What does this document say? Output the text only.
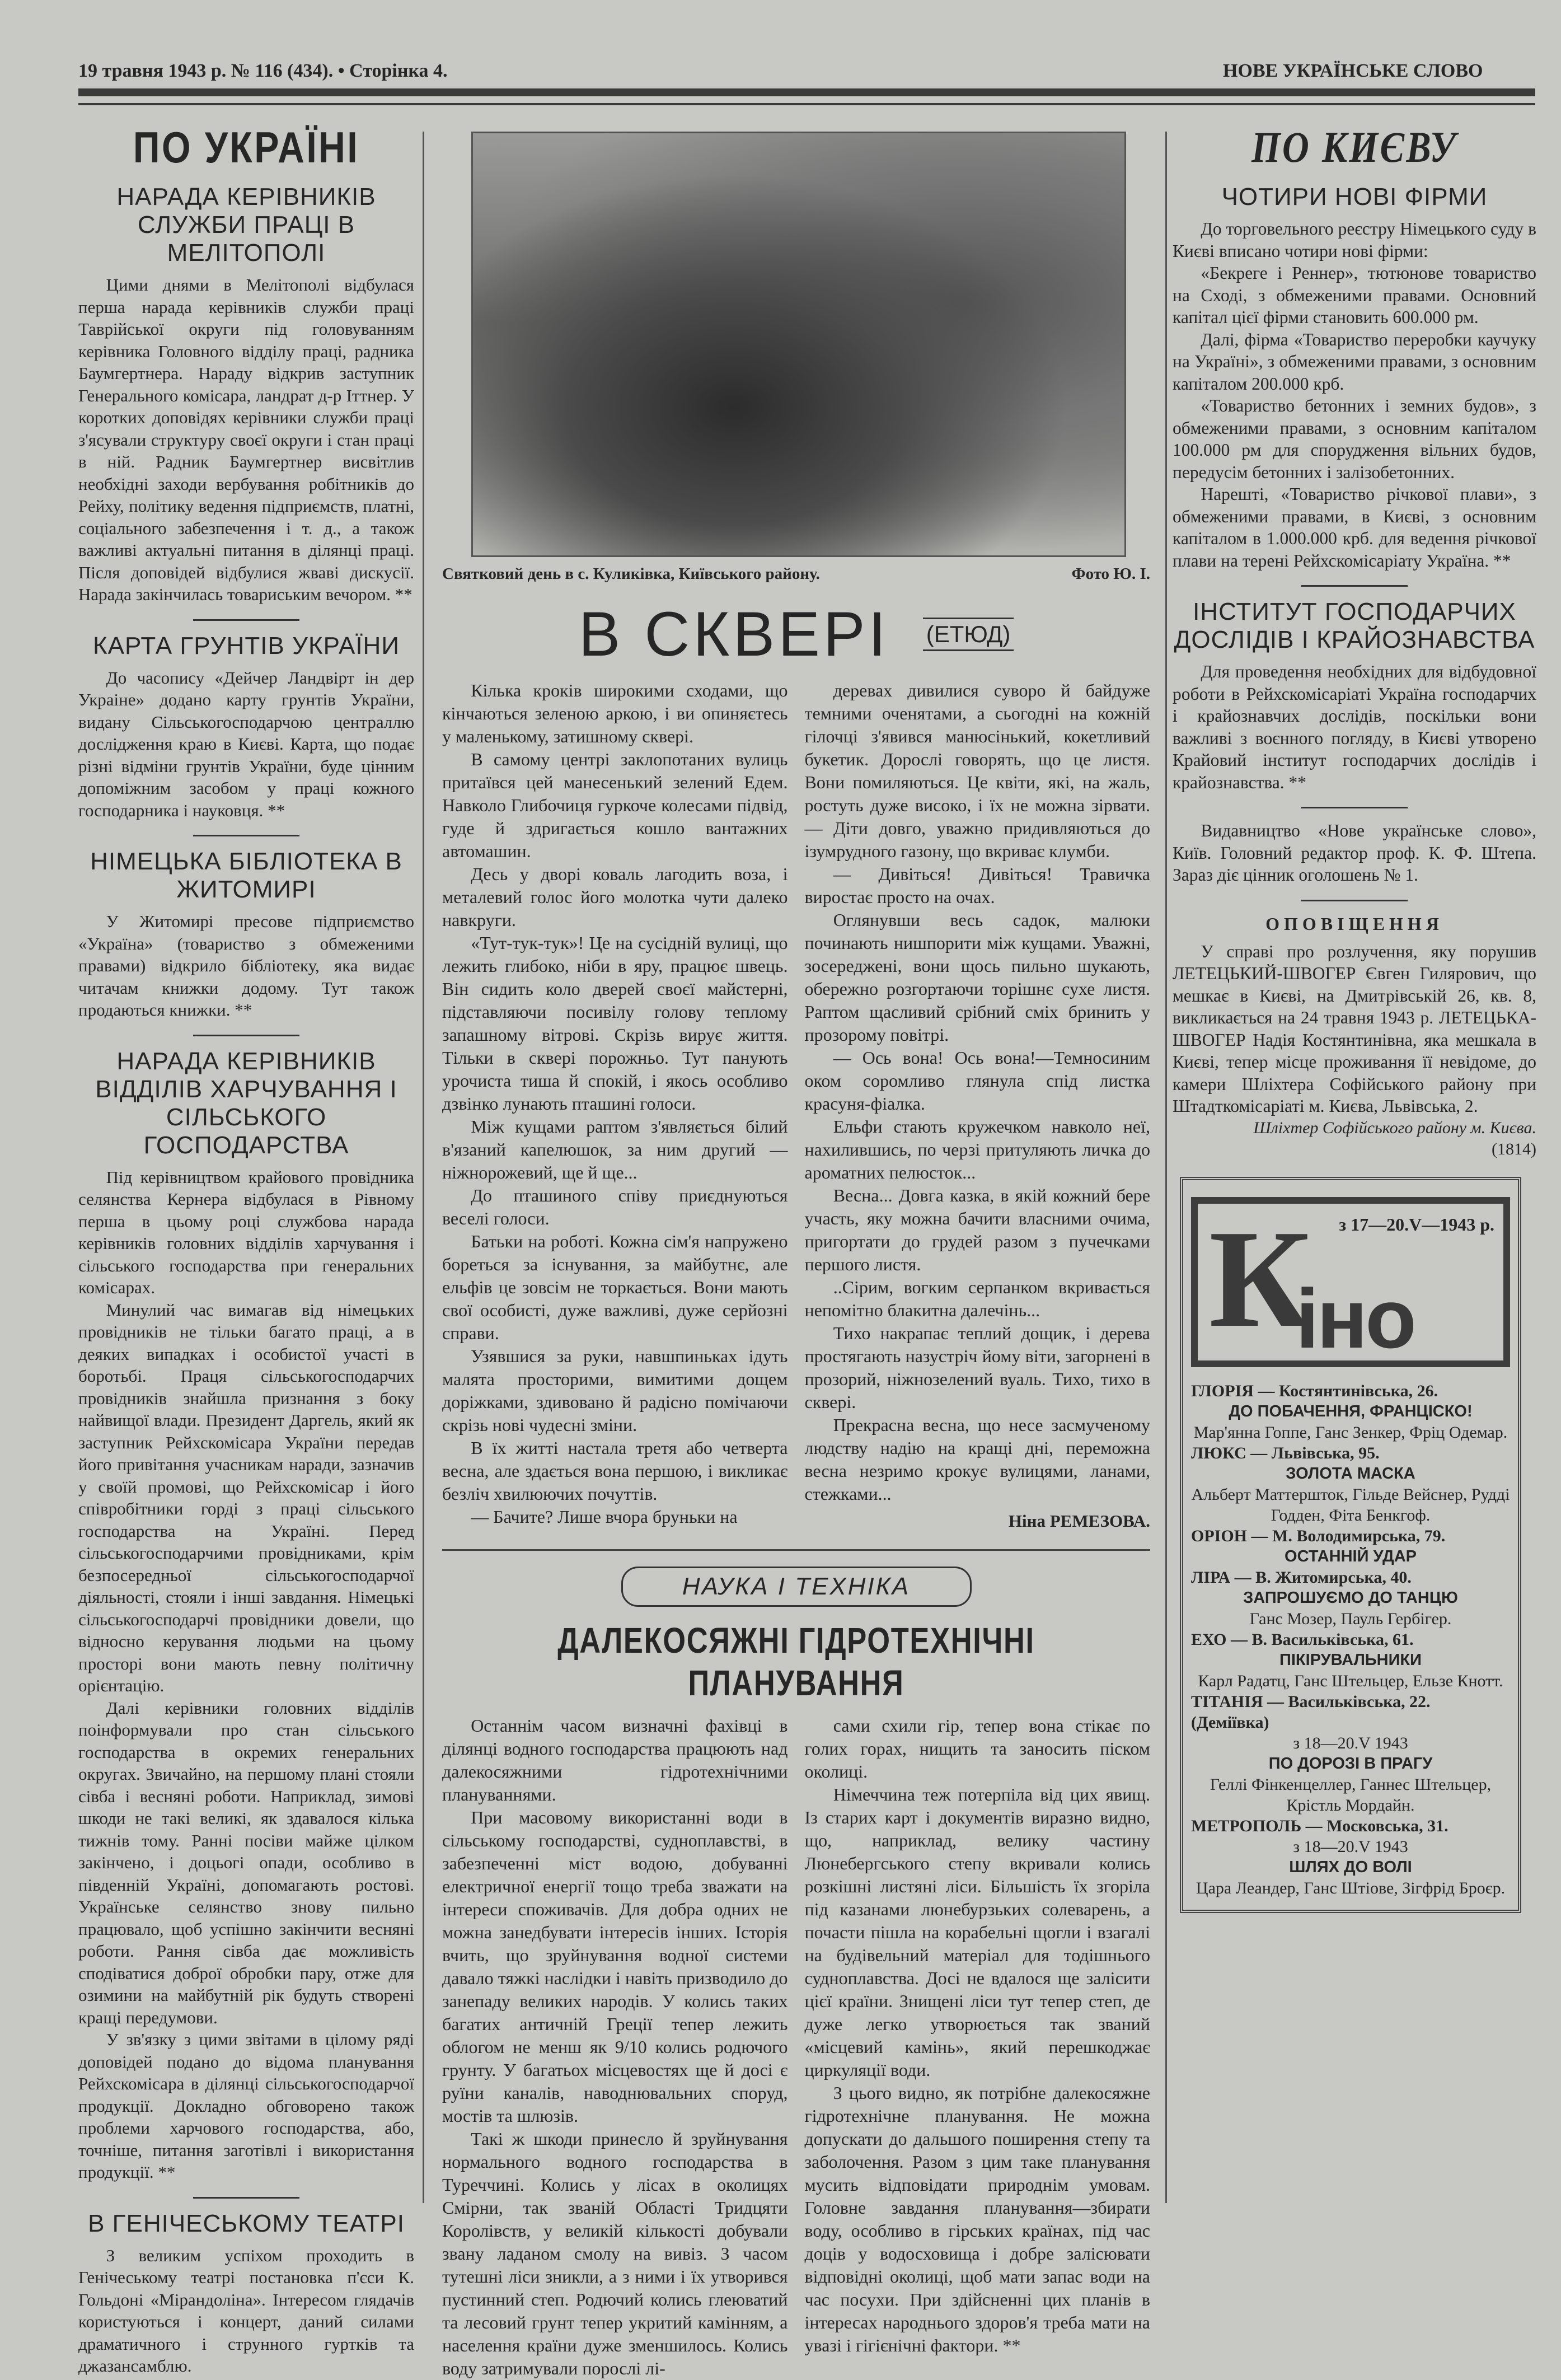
19 травня 1943 р. № 116 (434). • Сторінка 4.	НОВЕ УКРАЇНСЬКЕ СЛОВО
ПО УКРАЇНІ
НАРАДА КЕРІВНИКІВ СЛУЖБИ ПРАЦІ В МЕЛІТОПОЛІ

Цими днями в Мелітополі відбулася перша нарада керівників служби праці Таврійської округи під головуванням керівника Головного відділу праці, радника Баумгертнера. Нараду відкрив заступник Генерального комісара, ландрат д-р Іттнер. У коротких доповідях керівники служби праці з'ясували структуру своєї округи і стан праці в ній. Радник Баумгертнер висвітлив необхідні заходи вербування робітників до Рейху, політику ведення підприємств, платні, соціального забезпечення і т. д., а також важливі актуальні питання в ділянці праці. Після доповідей відбулися жваві дискусії. Нарада закінчилась товариським вечором. **

КАРТА ГРУНТІВ УКРАЇНИ

До часопису «Дейчер Ландвірт ін дер Украіне» додано карту грунтів України, видану Сільськогосподарчою централлю дослідження краю в Києві. Карта, що подає різні відміни грунтів України, буде цінним допоміжним засобом у праці кожного господарника і науковця. **

НІМЕЦЬКА БІБЛІОТЕКА В ЖИТОМИРІ

У Житомирі пресове підприємство «Україна» (товариство з обмеженими правами) відкрило бібліотеку, яка видає читачам книжки додому. Тут також продаються книжки. **

НАРАДА КЕРІВНИКІВ ВІДДІЛІВ ХАРЧУВАННЯ І СІЛЬСЬКОГО ГОСПОДАРСТВА

Під керівництвом крайового провідника селянства Кернера відбулася в Рівному перша в цьому році службова нарада керівників головних відділів харчування і сільського господарства при генеральних комісарах.

Минулий час вимагав від німецьких провідників не тільки багато праці, а в деяких випадках і особистої участі в боротьбі. Праця сільськогосподарчих провідників знайшла признання з боку найвищої влади. Президент Даргель, який як заступник Рейхскомісара України передав його привітання учасникам наради, зазначив у своїй промові, що Рейхскомісар і його співробітники горді з праці сільського господарства на Україні. Перед сільськогосподарчими провідниками, крім безпосередньої сільськогосподарчої діяльності, стояли і інші завдання. Німецькі сільськогосподарчі провідники довели, що відносно керування людьми на цьому просторі вони мають певну політичну орієнтацію.

Далі керівники головних відділів поінформували про стан сільського господарства в окремих генеральних округах. Звичайно, на першому плані стояли сівба і весняні роботи. Наприклад, зимові шкоди не такі великі, як здавалося кілька тижнів тому. Ранні посіви майже цілком закінчено, і доцьогі опади, особливо в південній Україні, допомагають ростові. Українське селянство знову пильно працювало, щоб успішно закінчити весняні роботи. Рання сівба дає можливість сподіватися доброї обробки пару, отже для озимини на майбутній рік будуть створені кращі передумови.

У зв'язку з цими звітами в цілому ряді доповідей подано до відома планування Рейхскомісара в ділянці сільськогосподарчої продукції. Докладно обговорено також проблеми харчового господарства, або, точніше, питання заготівлі і використання продукції. **

В ГЕНІЧЕСЬКОМУ ТЕАТРІ

З великим успіхом проходить в Генічеському театрі постановка п'єси К. Гольдоні «Мірандоліна». Інтересом глядачів користуються і концерт, даний силами драматичного і струнного гуртків та джазансамблю.

Святковий день в с. Куликівка, Київського району.	Фото Ю. І.
В СКВЕРІ (ЕТЮД)

Кілька кроків широкими сходами, що кінчаються зеленою аркою, і ви опиняєтесь у маленькому, затишному скверi.

В самому центрі заклопотаних вулиць притаївся цей манесенький зелений Едем. Навколо Глибочиця гуркоче колесами підвід, гуде й здригається кошло вантажних автомашин.

Десь у дворі коваль лагодить воза, і металевий голос його молотка чути далеко навкруги.

«Тут-тук-тук»! Це на сусідній вулиці, що лежить глибоко, ніби в яру, працює швець. Він сидить коло дверей своєї майстерні, підставляючи посивілу голову теплому запашному вітрові. Скрізь вирує життя. Тільки в сквері порожньо. Тут панують урочиста тиша й спокій, і якось особливо дзвінко лунають пташині голоси.

Між кущами раптом з'являється білий в'язаний капелюшок, за ним другий — ніжнорожевий, ще й ще...

До пташиного співу приєднуються веселі голоси.

Батьки на роботі. Кожна сім'я напружено бореться за існування, за майбутнє, але ельфів це зовсім не торкається. Вони мають свої особисті, дуже важливі, дуже серйозні справи.

Узявшися за руки, навшпиньках ідуть малята просторими, вимитими дощем доріжками, здивовано й радісно помічаючи скрізь нові чудесні зміни.

В їх житті настала третя або четверта весна, але здається вона першою, і викликає безліч хвилюючих почуттів.

— Бачите? Лише вчора бруньки на

деревах дивилися суворо й байдуже темними оченятами, а сьогодні на кожній гілочці з'явився манюсінький, кокетливий букетик. Дорослі говорять, що це листя. Вони помиляються. Це квіти, які, на жаль, ростуть дуже високо, і їх не можна зірвати. — Діти довго, уважно придивляються до ізумрудного газону, що вкриває клумби.

— Дивіться! Дивіться! Травичка виростає просто на очах.

Оглянувши весь садок, малюки починають нишпорити між кущами. Уважні, зосереджені, вони щось пильно шукають, обережно розгортаючи торішнє сухе листя. Раптом щасливий срібний сміх бринить у прозорому повітрі.

— Ось вона! Ось вона!—Темносиним оком соромливо глянула спід листка красуня-фіалка.

Ельфи стають кружечком навколо неї, нахилившись, по черзі притуляють личка до ароматних пелюсток...

Весна... Довга казка, в якій кожний бере участь, яку можна бачити власними очима, пригортати до грудей разом з пучечками першого листя.

..Сірим, вогким серпанком вкривається непомітно блакитна далечінь...

Тихо накрапає теплий дощик, і дерева простягають назустріч йому віти, загорнені в прозорий, ніжнозелений вуаль. Тихо, тихо в сквері.

Прекрасна весна, що несе засмученому людству надію на кращі дні, переможна весна незримо крокує вулицями, ланами, стежками...

Ніна РЕМЕЗОВА.
НАУКА І ТЕХНІКА
ДАЛЕКОСЯЖНІ ГІДРОТЕХНІЧНІ ПЛАНУВАННЯ

Останнім часом визначні фахівці в ділянці водного господарства працюють над далекосяжними гідротехнічними плануваннями.

При масовому використанні води в сільському господарстві, судноплавстві, в забезпеченні міст водою, добуванні електричної енергії тощо треба зважати на інтереси споживачів. Для добра одних не можна занедбувати інтересів інших. Історія вчить, що зруйнування водної системи давало тяжкі наслідки і навіть призводило до занепаду великих народів. У колись таких багатих античній Греції тепер лежить облогом не менш як 9/10 колись родючого грунту. У багатьох місцевостях ще й досі є руїни каналів, наводнювальних споруд, мостів та шлюзів.

Такі ж шкоди принесло й зруйнування нормального водного господарства в Туреччині. Колись у лісах в околицях Смірни, так званій Області Тридцяти Королівств, у великій кількості добували звану ладаном смолу на вивіз. З часом тутешні ліси зникли, а з ними і їх утворився пустинний степ. Родючий колись глеюватий та лесовий грунт тепер укритий камінням, а населення країни дуже зменшилось. Колись воду затримували порослі лі-

сами схили гір, тепер вона стікає по голих горах, нищить та заносить піском околиці.

Німеччина теж потерпіла від цих явищ. Із старих карт і документів виразно видно, що, наприклад, велику частину Люнебергського степу вкривали колись розкішні листяні ліси. Більшість їх згоріла під казанами люнебурзьких солеварень, а почасти пішла на корабельні щогли і взагалі на будівельний матеріал для тодішнього судноплавства. Досі не вдалося ще залісити цієї країни. Знищені ліси тут тепер степ, де дуже легко утворюється так званий «місцевий камінь», який перешкоджає циркуляції води.

З цього видно, як потрібне далекосяжне гідротехнічне планування. Не можна допускати до дальшого поширення степу та заболочення. Разом з цим таке планування мусить відповідати природнім умовам. Головне завдання планування—збирати воду, особливо в гірських країнах, під час доців у водосховища і добре залісювати відповідні околиці, щоб мати запас води на час посухи. При здійсненні цих планів в інтересах народнього здоров'я треба мати на увазі і гігієнічні фактори. **

ПО КИЄВУ
ЧОТИРИ НОВІ ФІРМИ

До торговельного реєстру Німецького суду в Києві вписано чотири нові фірми:

«Бекреге і Реннер», тютюнове товариство на Сході, з обмеженими правами. Основний капітал цієї фірми становить 600.000 рм.

Далі, фірма «Товариство переробки каучуку на Україні», з обмеженими правами, з основним капіталом 200.000 крб.

«Товариство бетонних і земних будов», з обмеженими правами, з основним капіталом 100.000 рм для спорудження вільних будов, передусім бетонних і залізобетонних.

Нарешті, «Товариство річкової плави», з обмеженими правами, в Києві, з основним капіталом в 1.000.000 крб. для ведення річкової плави на терені Рейхскомісаріату Україна. **

ІНСТИТУТ ГОСПОДАРЧИХ ДОСЛІДІВ І КРАЙОЗНАВСТВА

Для проведення необхідних для відбудовної роботи в Рейхскомісаріаті Україна господарчих і крайознавчих дослідів, поскільки вони важливі з воєнного погляду, в Києві утворено Крайовий інститут господарчих дослідів і крайознавства. **

Видавництво «Нове українське слово», Київ. Головний редактор проф. К. Ф. Штепа. Зараз діє цінник оголошень № 1.

ОПОВІЩЕННЯ

У справі про розлучення, яку порушив ЛЕТЕЦЬКИЙ-ШВОГЕР Євген Гилярович, що мешкає в Києві, на Дмитрівській 26, кв. 8, викликається на 24 травня 1943 р. ЛЕТЕЦЬКА-ШВОГЕР Надія Костянтинівна, яка мешкала в Києві, тепер місце проживання її невідоме, до камери Шліхтера Софійського району при Штадткомісаріаті м. Києва, Львівська, 2.

Шліхтер Софійського району м. Києва.
(1814)
К
іно
з 17—20.V—1943 р.
ГЛОРІЯ — Костянтинівська, 26.
ДО ПОБАЧЕННЯ, ФРАНЦІСКО!
Мар'янна Гоппе, Ганс Зенкер, Фріц Одемар.
ЛЮКС — Львівська, 95.
ЗОЛОТА МАСКА
Альберт Маттершток, Гільде Вейснер, Рудді Годден, Фіта Бенкгоф.
ОРІОН — М. Володимирська, 79.
ОСТАННІЙ УДАР
ЛІРА — В. Житомирська, 40.
ЗАПРОШУЄМО ДО ТАНЦЮ
Ганс Мозер, Пауль Гербігер.
ЕХО — В. Васильківська, 61.
ПІКІРУВАЛЬНИКИ
Карл Радатц, Ганс Штельцер, Ельзе Кнотт.
ТІТАНІЯ — Васильківська, 22. (Деміївка)
з 18—20.V 1943
ПО ДОРОЗІ В ПРАГУ
Геллі Фінкенцеллер, Ганнес Штельцер, Крістль Мордайн.
МЕТРОПОЛЬ — Московська, 31.
з 18—20.V 1943
ШЛЯХ ДО ВОЛІ
Цара Леандер, Ганс Штіове, Зігфрід Броєр.
